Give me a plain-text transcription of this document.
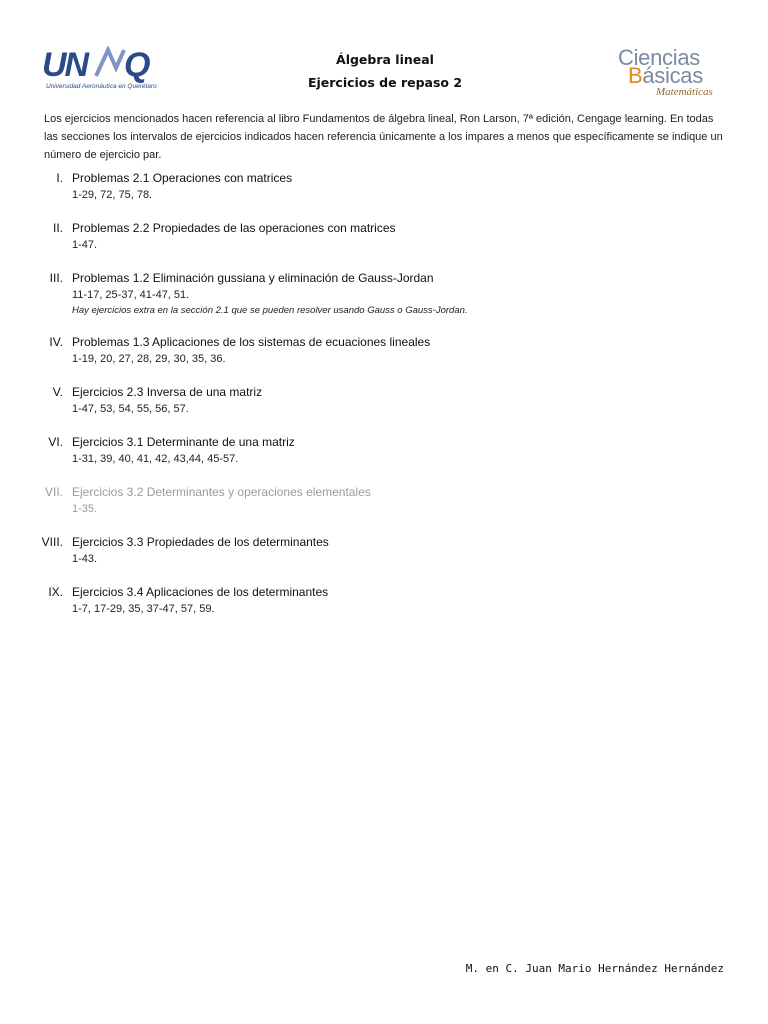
UN Q
Universidad Aeronáutica en Querétaro
Álgebra lineal
Ejercicios de repaso 2
Ciencias
Básicas
Matemáticas
Los ejercicios mencionados hacen referencia al libro Fundamentos de álgebra lineal, Ron Larson, 7ª edición, Cengage learning. En todas las secciones los intervalos de ejercicios indicados hacen referencia únicamente a los impares a menos que específicamente se indique un número de ejercicio par.
I. Problemas 2.1 Operaciones con matrices
1-29, 72, 75, 78.
II. Problemas 2.2 Propiedades de las operaciones con matrices
1-47.
III. Problemas 1.2 Eliminación gussiana y eliminación de Gauss-Jordan
11-17, 25-37, 41-47, 51.
Hay ejercicios extra en la sección 2.1 que se pueden resolver usando Gauss o Gauss-Jordan.
IV. Problemas 1.3 Aplicaciones de los sistemas de ecuaciones lineales
1-19, 20, 27, 28, 29, 30, 35, 36.
V. Ejercicios 2.3 Inversa de una matriz
1-47, 53, 54, 55, 56, 57.
VI. Ejercicios 3.1 Determinante de una matriz
1-31, 39, 40, 41, 42, 43,44, 45-57.
VII. Ejercicios 3.2 Determinantes y operaciones elementales
1-35.
VIII. Ejercicios 3.3 Propiedades de los determinantes
1-43.
IX. Ejercicios 3.4 Aplicaciones de los determinantes
1-7, 17-29, 35, 37-47, 57, 59.
M. en C. Juan Mario Hernández Hernández
